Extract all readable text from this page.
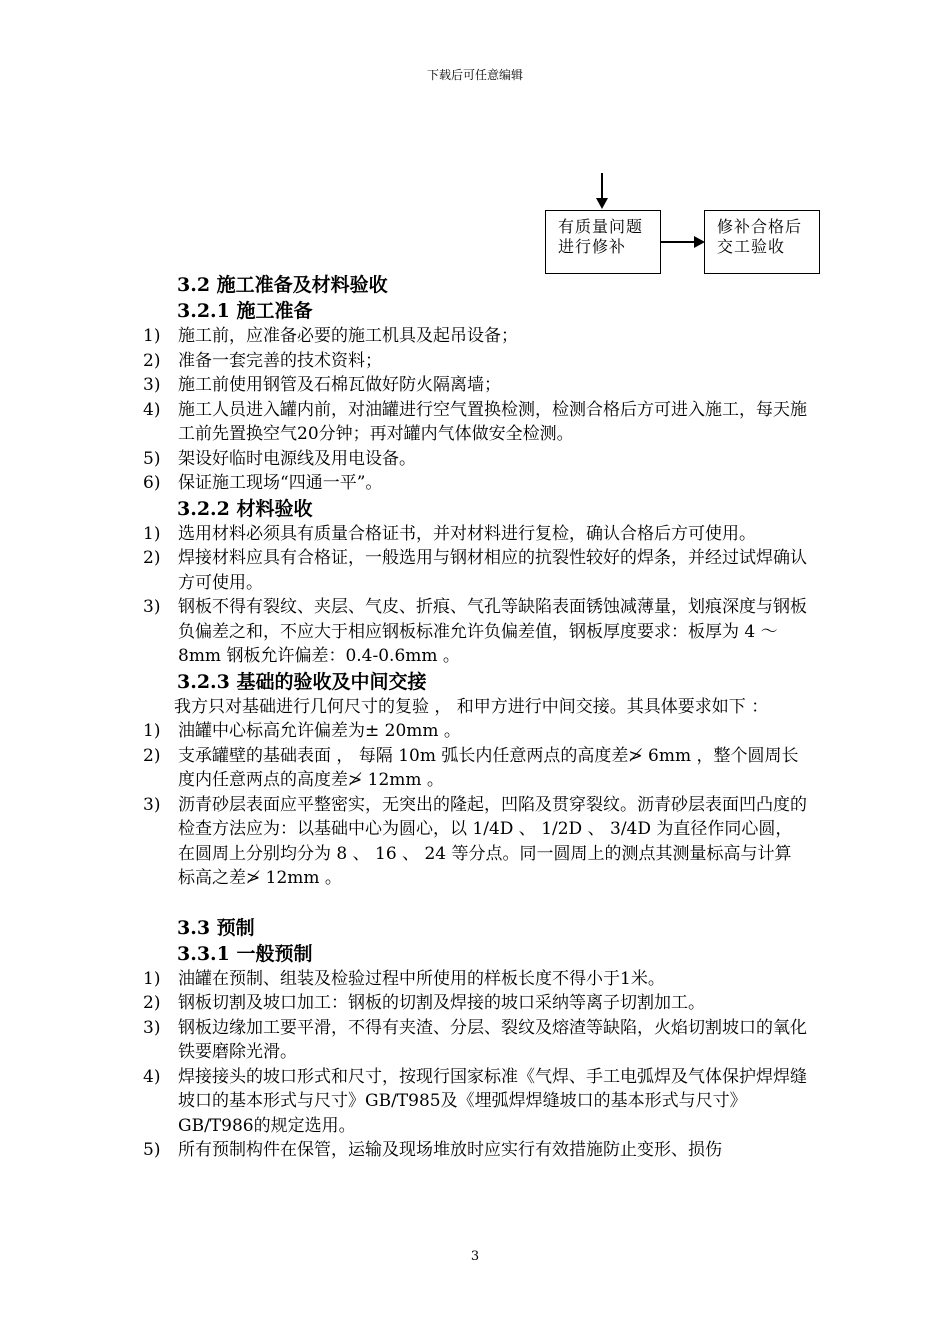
下载后可任意编辑
有质量问题
进行修补
修补合格后
交工验收
3.2 施工准备及材料验收
3.2.1 施工准备
1) 施工前，应准备必要的施工机具及起吊设备；
2) 准备一套完善的技术资料；
3) 施工前使用钢管及石棉瓦做好防火隔离墙；
4) 施工人员进入罐内前，对油罐进行空气置换检测，检测合格后方可进入施工，每天施工前先置换空气20分钟；再对罐内气体做安全检测。
5) 架设好临时电源线及用电设备。
6) 保证施工现场“四通一平”。
3.2.2 材料验收
1) 选用材料必须具有质量合格证书，并对材料进行复检，确认合格后方可使用。
2) 焊接材料应具有合格证，一般选用与钢材相应的抗裂性较好的焊条，并经过试焊确认方可使用。
3) 钢板不得有裂纹、夹层、气皮、折痕、气孔等缺陷表面锈蚀减薄量，划痕深度与钢板负偏差之和，不应大于相应钢板标准允许负偏差值，钢板厚度要求：板厚为 4 ～ 8mm 钢板允许偏差：0.4-0.6mm 。
3.2.3 基础的验收及中间交接
我方只对基础进行几何尺寸的复验 ， 和甲方进行中间交接。其具体要求如下 ：
1) 油罐中心标高允许偏差为± 20mm 。
2) 支承罐壁的基础表面 ， 每隔 10m 弧长内任意两点的高度差≯ 6mm ，整个圆周长度内任意两点的高度差≯ 12mm 。
3) 沥青砂层表面应平整密实，无突出的隆起，凹陷及贯穿裂纹。沥青砂层表面凹凸度的检查方法应为：以基础中心为圆心，以 1/4D 、 1/2D 、 3/4D 为直径作同心圆，在圆周上分别均分为 8 、 16 、 24 等分点。同一圆周上的测点其测量标高与计算标高之差≯ 12mm 。
3.3 预制
3.3.1 一般预制
1) 油罐在预制、组装及检验过程中所使用的样板长度不得小于1米。
2) 钢板切割及坡口加工：钢板的切割及焊接的坡口采纳等离子切割加工。
3) 钢板边缘加工要平滑，不得有夹渣、分层、裂纹及熔渣等缺陷，火焰切割坡口的氧化铁要磨除光滑。
4) 焊接接头的坡口形式和尺寸，按现行国家标准《气焊、手工电弧焊及气体保护焊焊缝坡口的基本形式与尺寸》GB/T985及《埋弧焊焊缝坡口的基本形式与尺寸》GB/T986的规定选用。
5) 所有预制构件在保管，运输及现场堆放时应实行有效措施防止变形、损伤
3
